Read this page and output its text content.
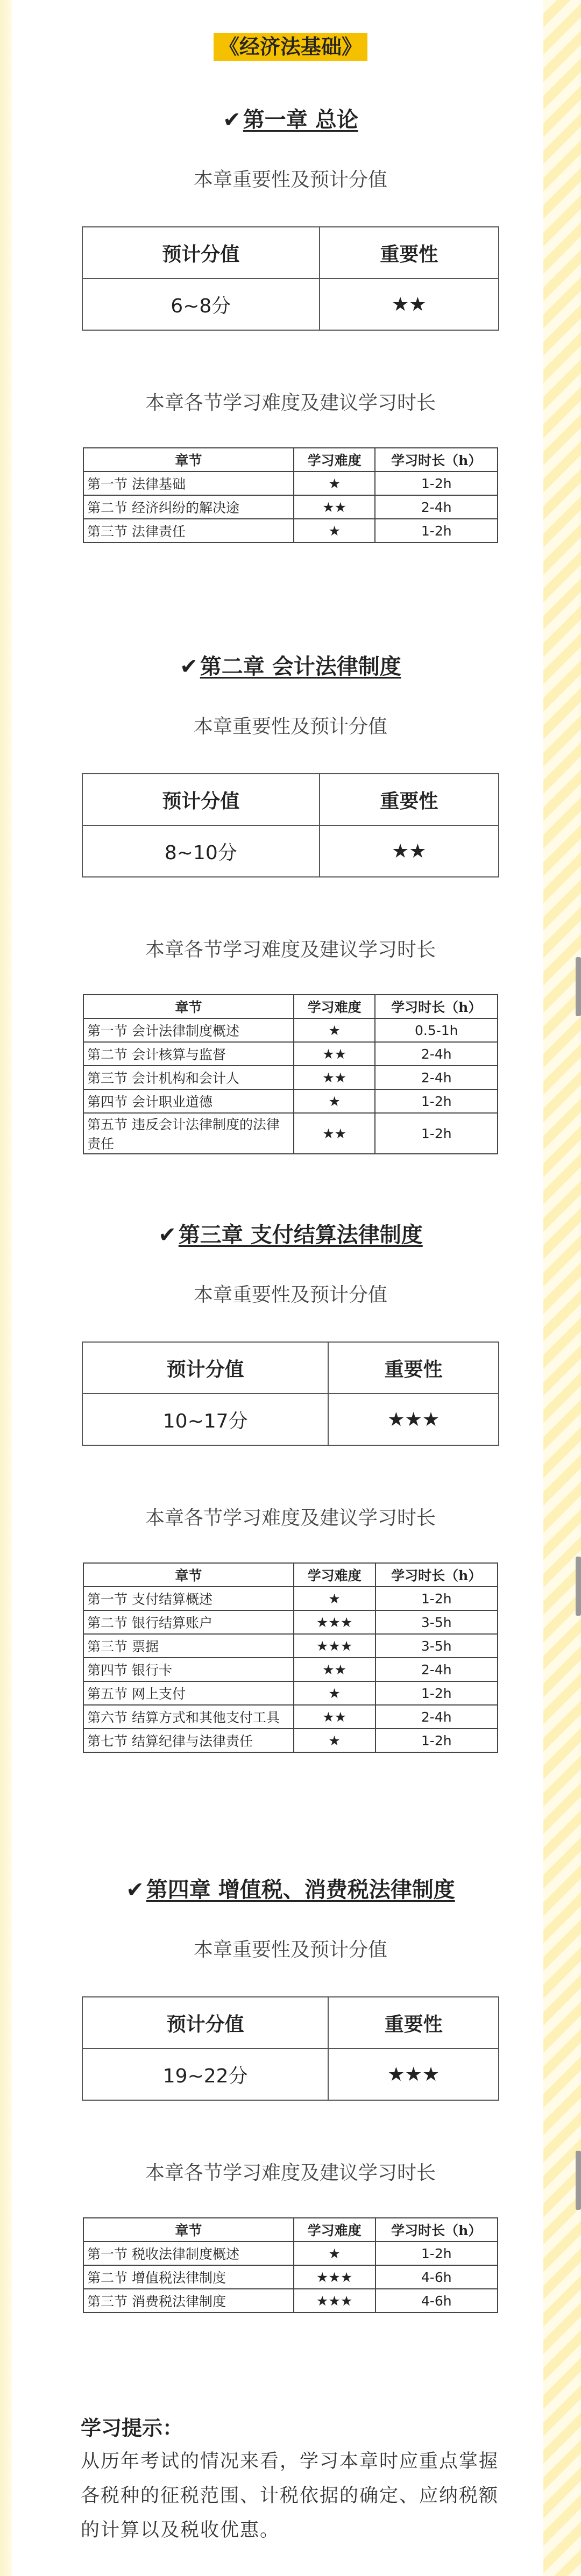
《经济法基础》
✔ 第一章 总论
本章重要性及预计分值
预计分值	重要性
6~8分	★★
本章各节学习难度及建议学习时长
章节	学习难度	学习时长（h）
第一节 法律基础	★	1-2h
第二节 经济纠纷的解决途	★★	2-4h
第三节 法律责任	★	1-2h
✔ 第二章 会计法律制度
本章重要性及预计分值
预计分值	重要性
8~10分	★★
本章各节学习难度及建议学习时长
章节	学习难度	学习时长（h）
第一节 会计法律制度概述	★	0.5-1h
第二节 会计核算与监督	★★	2-4h
第三节 会计机构和会计人	★★	2-4h
第四节 会计职业道德	★	1-2h
第五节 违反会计法律制度的法律责任	★★	1-2h
✔ 第三章 支付结算法律制度
本章重要性及预计分值
预计分值	重要性
10~17分	★★★
本章各节学习难度及建议学习时长
章节	学习难度	学习时长（h）
第一节 支付结算概述	★	1-2h
第二节 银行结算账户	★★★	3-5h
第三节 票据	★★★	3-5h
第四节 银行卡	★★	2-4h
第五节 网上支付	★	1-2h
第六节 结算方式和其他支付工具	★★	2-4h
第七节 结算纪律与法律责任	★	1-2h
✔ 第四章 增值税、消费税法律制度
本章重要性及预计分值
预计分值	重要性
19~22分	★★★
本章各节学习难度及建议学习时长
章节	学习难度	学习时长（h）
第一节 税收法律制度概述	★	1-2h
第二节 增值税法律制度	★★★	4-6h
第三节 消费税法律制度	★★★	4-6h

学习提示：

从历年考试的情况来看，学习本章时应重点掌握各税种的征税范围、计税依据的确定、应纳税额的计算以及税收优惠。
